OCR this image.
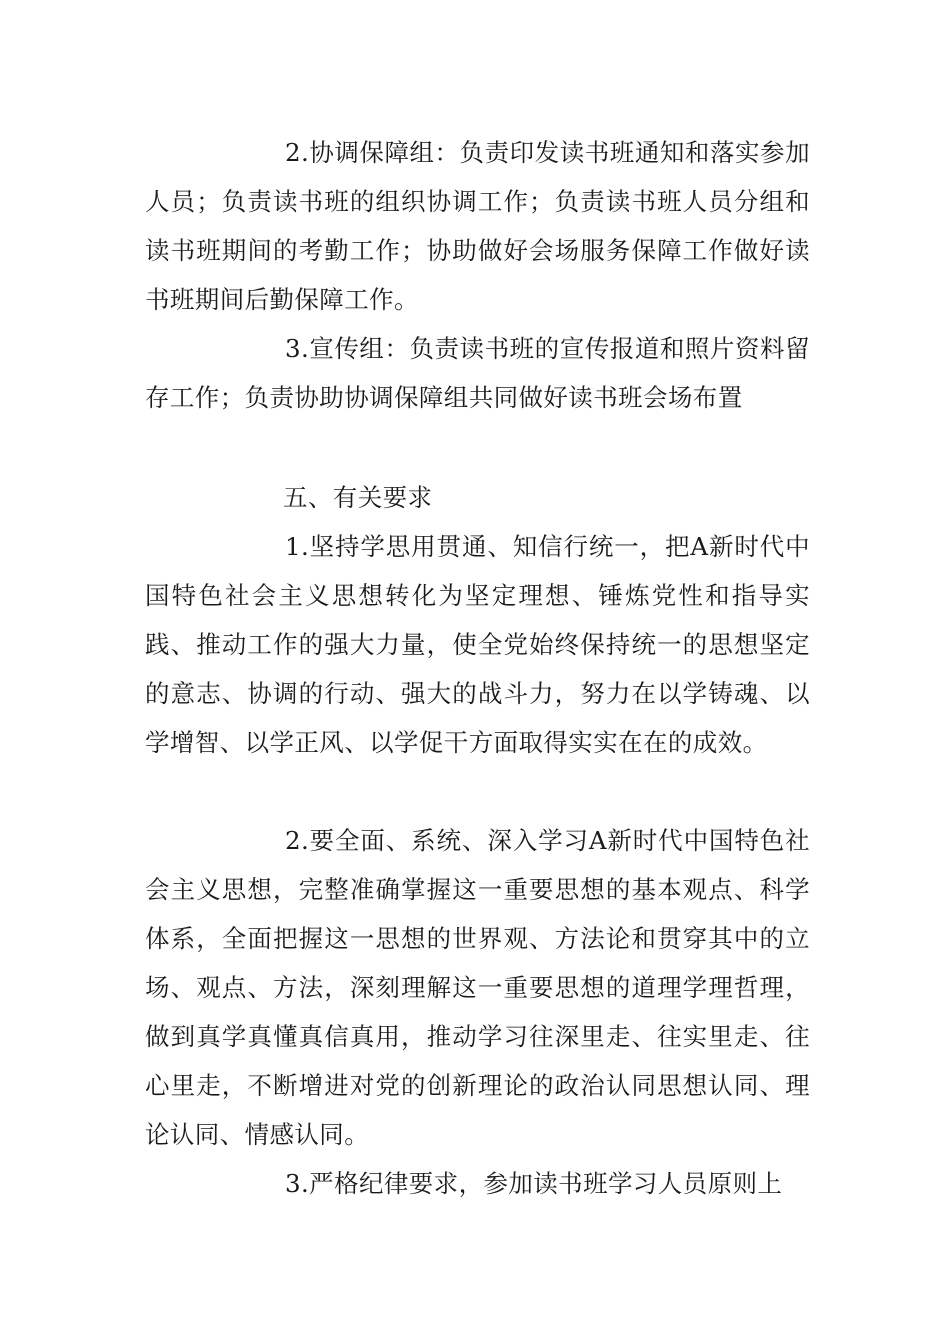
2.协调保障组：负责印发读书班通知和落实参加人员；负责读书班的组织协调工作；负责读书班人员分组和读书班期间的考勤工作；协助做好会场服务保障工作做好读书班期间后勤保障工作。

3.宣传组：负责读书班的宣传报道和照片资料留存工作；负责协助协调保障组共同做好读书班会场布置

五、有关要求

1.坚持学思用贯通、知信行统一，把A新时代中国特色社会主义思想转化为坚定理想、锤炼党性和指导实践、推动工作的强大力量，使全党始终保持统一的思想坚定的意志、协调的行动、强大的战斗力，努力在以学铸魂、以学增智、以学正风、以学促干方面取得实实在在的成效。

2.要全面、系统、深入学习A新时代中国特色社会主义思想，完整准确掌握这一重要思想的基本观点、科学体系，全面把握这一思想的世界观、方法论和贯穿其中的立场、观点、方法，深刻理解这一重要思想的道理学理哲理，做到真学真懂真信真用，推动学习往深里走、往实里走、往心里走，不断增进对党的创新理论的政治认同思想认同、理论认同、情感认同。

3.严格纪律要求，参加读书班学习人员原则上
